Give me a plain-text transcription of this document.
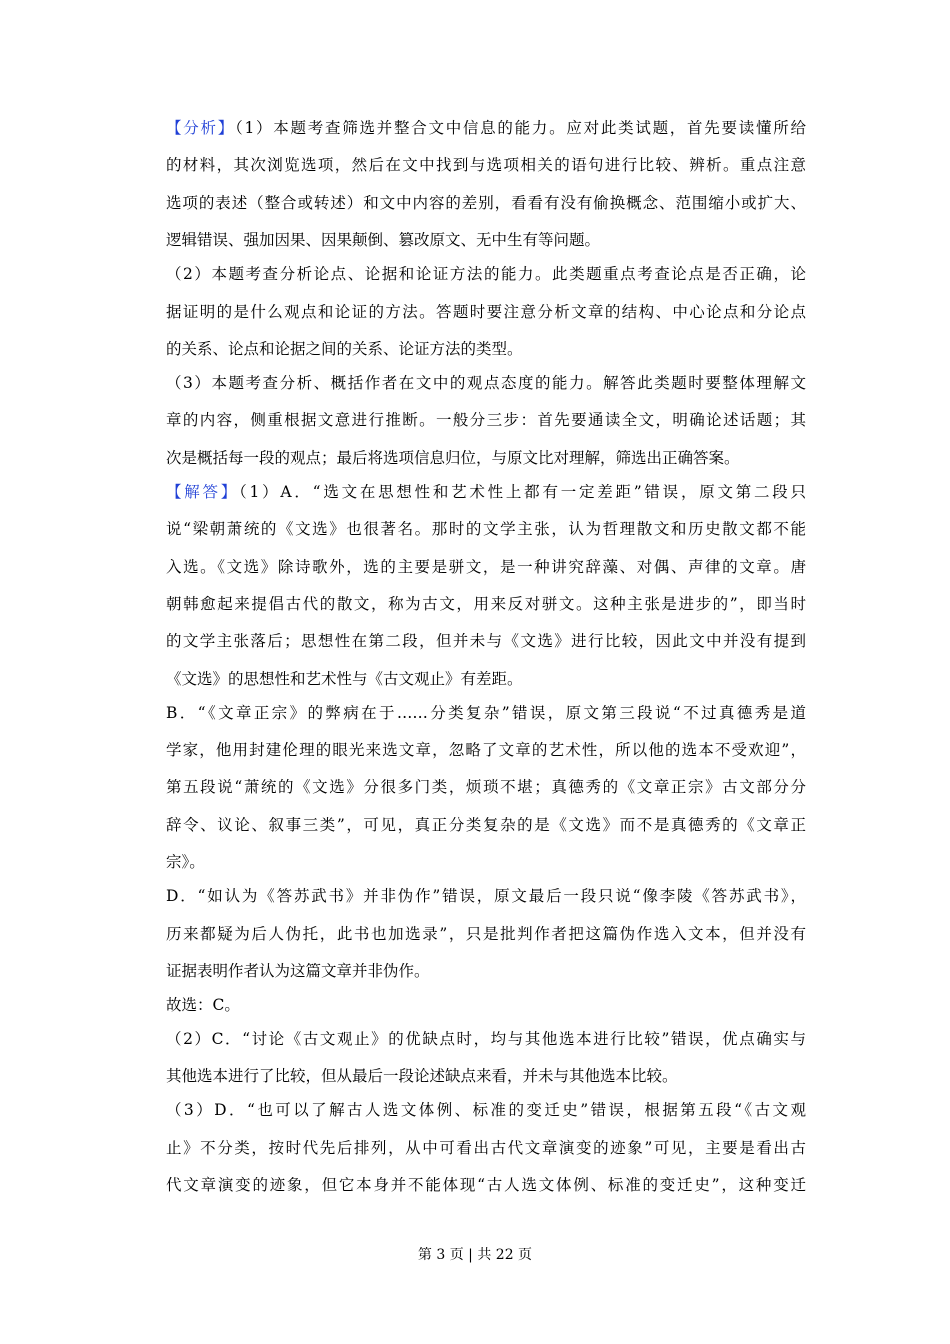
【分析】（1）本题考查筛选并整合文中信息的能力。应对此类试题，首先要读懂所给
的材料，其次浏览选项，然后在文中找到与选项相关的语句进行比较、辨析。重点注意
选项的表述（整合或转述）和文中内容的差别，看看有没有偷换概念、范围缩小或扩大、
逻辑错误、强加因果、因果颠倒、篡改原文、无中生有等问题。
（2）本题考查分析论点、论据和论证方法的能力。此类题重点考查论点是否正确，论
据证明的是什么观点和论证的方法。答题时要注意分析文章的结构、中心论点和分论点
的关系、论点和论据之间的关系、论证方法的类型。
（3）本题考查分析、概括作者在文中的观点态度的能力。解答此类题时要整体理解文
章的内容，侧重根据文意进行推断。一般分三步：首先要通读全文，明确论述话题；其
次是概括每一段的观点；最后将选项信息归位，与原文比对理解，筛选出正确答案。
【解答】（1）A．“选文在思想性和艺术性上都有一定差距”错误，原文第二段只
说“梁朝萧统的《文选》也很著名。那时的文学主张，认为哲理散文和历史散文都不能
入选。《文选》除诗歌外，选的主要是骈文，是一种讲究辞藻、对偶、声律的文章。唐
朝韩愈起来提倡古代的散文，称为古文，用来反对骈文。这种主张是进步的”，即当时
的文学主张落后；思想性在第二段，但并未与《文选》进行比较，因此文中并没有提到
《文选》的思想性和艺术性与《古文观止》有差距。
B．“《文章正宗》的弊病在于……分类复杂”错误，原文第三段说“不过真德秀是道
学家，他用封建伦理的眼光来选文章，忽略了文章的艺术性，所以他的选本不受欢迎”，
第五段说“萧统的《文选》分很多门类，烦琐不堪；真德秀的《文章正宗》古文部分分
辞令、议论、叙事三类”，可见，真正分类复杂的是《文选》而不是真德秀的《文章正
宗》。
D．“如认为《答苏武书》并非伪作”错误，原文最后一段只说“像李陵《答苏武书》，
历来都疑为后人伪托，此书也加选录”，只是批判作者把这篇伪作选入文本，但并没有
证据表明作者认为这篇文章并非伪作。
故选：C。
（2）C．“讨论《古文观止》的优缺点时，均与其他选本进行比较”错误，优点确实与
其他选本进行了比较，但从最后一段论述缺点来看，并未与其他选本比较。
（3）D．“也可以了解古人选文体例、标准的变迁史”错误，根据第五段“《古文观
止》不分类，按时代先后排列，从中可看出古代文章演变的迹象”可见，主要是看出古
代文章演变的迹象，但它本身并不能体现“古人选文体例、标准的变迁史”，这种变迁
第 3 页 | 共 22 页
